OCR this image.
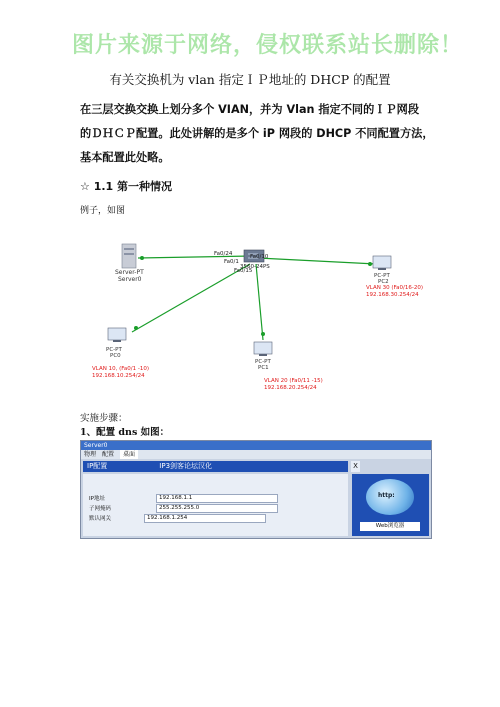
图片来源于网络，侵权联系站长删除！
有关交换机为 vlan 指定ＩＰ地址的 DHCP 的配置
在三层交换交换上划分多个 VIAN，并为 Vlan 指定不同的ＩＰ网段
的ＤＨＣＰ配置。此处讲解的是多个 iP 网段的 DHCP 不同配置方法，
基本配置此处略。
☆ 1.1 第一种情况
例子，如图
Server-PT
Server0
Fa0/24
Fa0/1
Fa0/10
Fa0/15
3560-24PS
PC-PT
PC2
VLAN 30 (Fa0/16-20)
192.168.30.254/24
PC-PT
PC0
VLAN 10, (Fa0/1 -10)
192.168.10.254/24
PC-PT
PC1
VLAN 20 (Fa0/11 -15)
192.168.20.254/24
实施步骤：
1、配置 dns 如图：
Server0
物理 配置	桌面
IP配置	IP3剑客论坛汉化	X
IP地址	192.168.1.1
子网掩码	255.255.255.0
默认网关	192.168.1.254
http:
Web浏览器
